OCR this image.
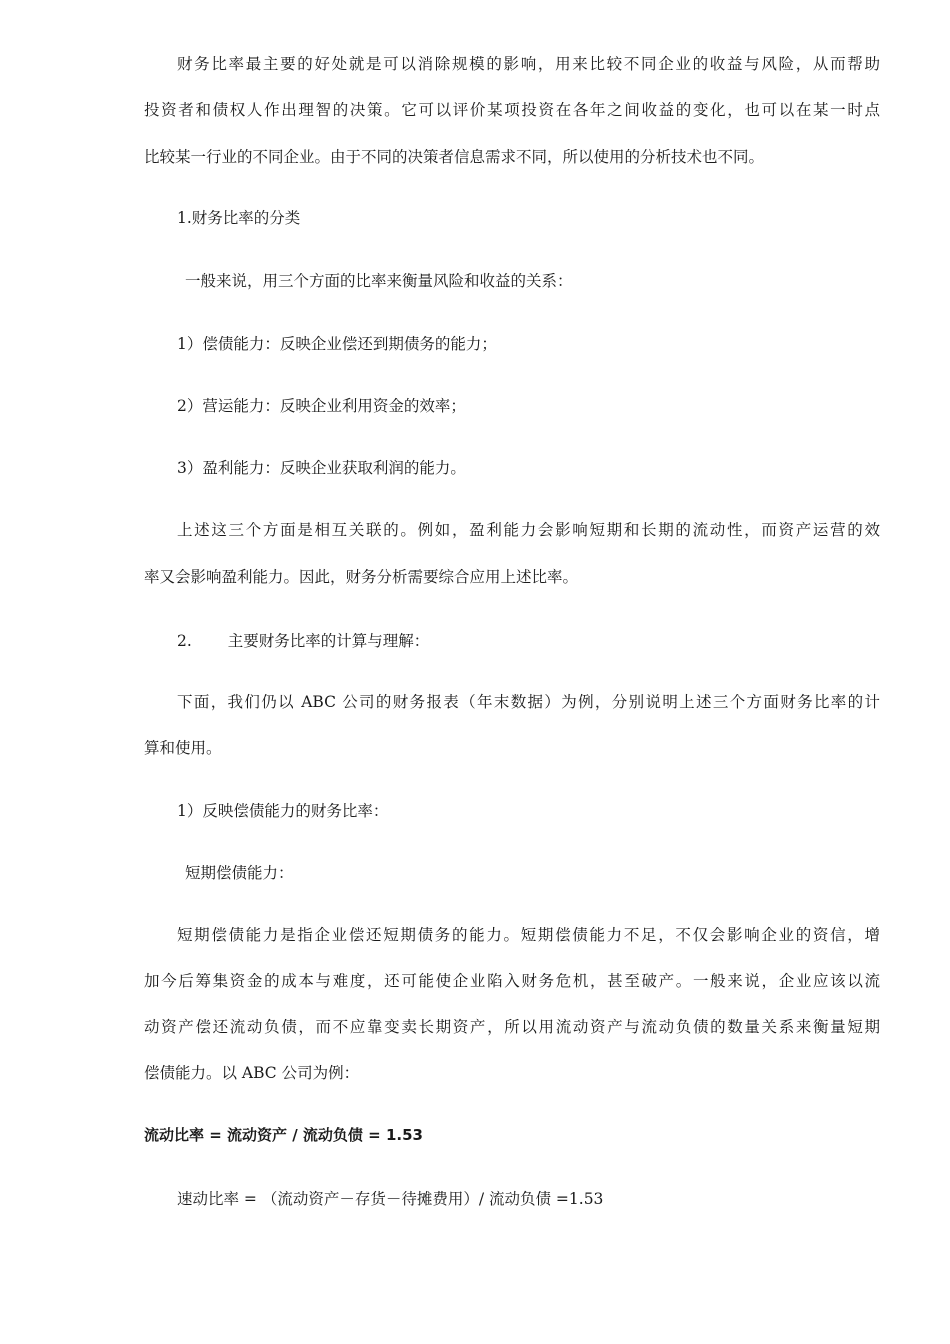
财务比率最主要的好处就是可以消除规模的影响，用来比较不同企业的收益与风险，从而帮助
投资者和债权人作出理智的决策。它可以评价某项投资在各年之间收益的变化，也可以在某一时点
比较某一行业的不同企业。由于不同的决策者信息需求不同，所以使用的分析技术也不同。
1.财务比率的分类
一般来说，用三个方面的比率来衡量风险和收益的关系：
1）偿债能力：反映企业偿还到期债务的能力；
2）营运能力：反映企业利用资金的效率；
3）盈利能力：反映企业获取利润的能力。
上述这三个方面是相互关联的。例如，盈利能力会影响短期和长期的流动性，而资产运营的效
率又会影响盈利能力。因此，财务分析需要综合应用上述比率。
2. 主要财务比率的计算与理解：
下面，我们仍以 ABC 公司的财务报表（年末数据）为例，分别说明上述三个方面财务比率的计
算和使用。
1）反映偿债能力的财务比率：
短期偿债能力：
短期偿债能力是指企业偿还短期债务的能力。短期偿债能力不足，不仅会影响企业的资信，增
加今后筹集资金的成本与难度，还可能使企业陷入财务危机，甚至破产。一般来说，企业应该以流
动资产偿还流动负债，而不应靠变卖长期资产，所以用流动资产与流动负债的数量关系来衡量短期
偿债能力。以 ABC 公司为例：
流动比率 = 流动资产 / 流动负债 = 1.53
速动比率 = （流动资产－存货－待摊费用）/ 流动负债 =1.53
